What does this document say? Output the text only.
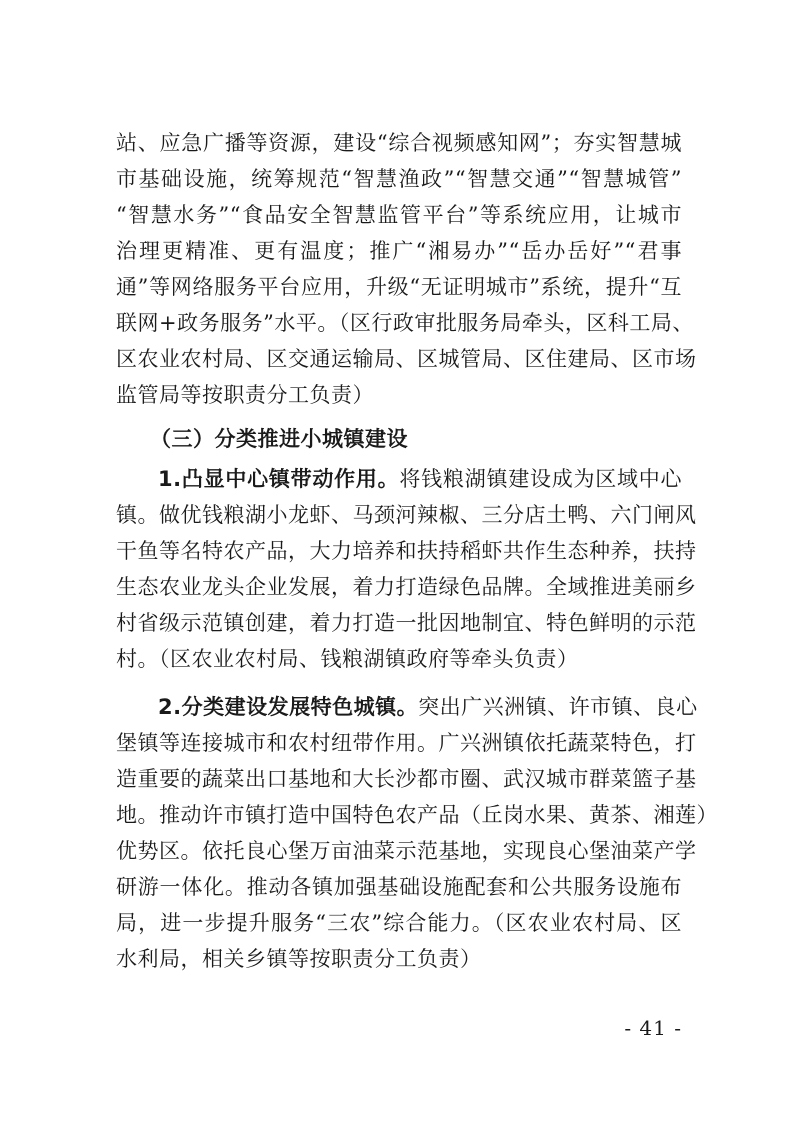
站、应急广播等资源，建设“综合视频感知网”；夯实智慧城
市基础设施，统筹规范“智慧渔政”“智慧交通”“智慧城管”
“智慧水务”“食品安全智慧监管平台”等系统应用，让城市
治理更精准、更有温度；推广“湘易办”“岳办岳好”“君事
通”等网络服务平台应用，升级“无证明城市”系统，提升“互
联网+政务服务”水平。（区行政审批服务局牵头，区科工局、
区农业农村局、区交通运输局、区城管局、区住建局、区市场
监管局等按职责分工负责）
（三）分类推进小城镇建设
1.凸显中心镇带动作用。将钱粮湖镇建设成为区域中心
镇。做优钱粮湖小龙虾、马颈河辣椒、三分店土鸭、六门闸风
干鱼等名特农产品，大力培养和扶持稻虾共作生态种养，扶持
生态农业龙头企业发展，着力打造绿色品牌。全域推进美丽乡
村省级示范镇创建，着力打造一批因地制宜、特色鲜明的示范
村。（区农业农村局、钱粮湖镇政府等牵头负责）
2.分类建设发展特色城镇。突出广兴洲镇、许市镇、良心
堡镇等连接城市和农村纽带作用。广兴洲镇依托蔬菜特色，打
造重要的蔬菜出口基地和大长沙都市圈、武汉城市群菜篮子基
地。推动许市镇打造中国特色农产品（丘岗水果、黄茶、湘莲）
优势区。依托良心堡万亩油菜示范基地，实现良心堡油菜产学
研游一体化。推动各镇加强基础设施配套和公共服务设施布
局，进一步提升服务“三农”综合能力。（区农业农村局、区
水利局，相关乡镇等按职责分工负责）
- 41 -
